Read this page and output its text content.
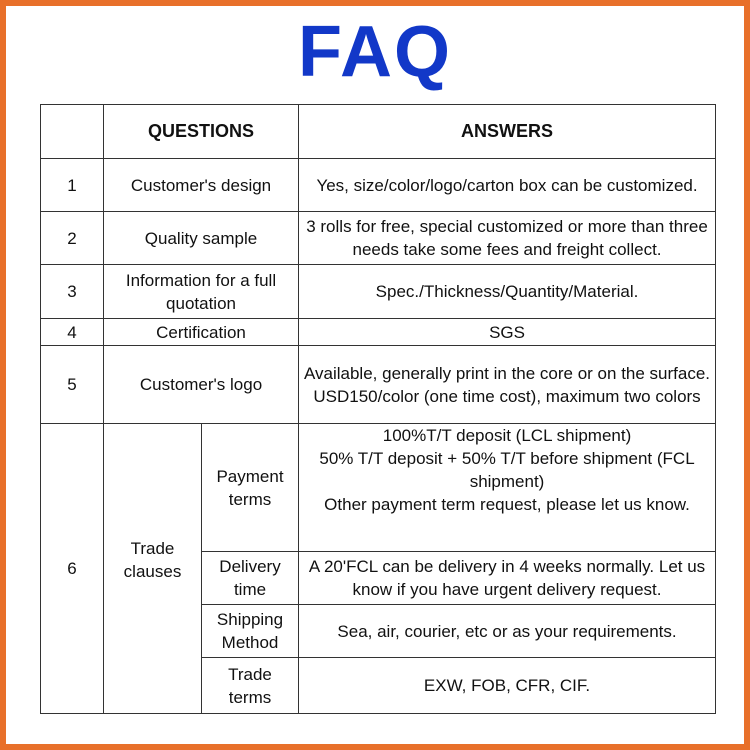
FAQ
	QUESTIONS		ANSWERS
1	Customer's design		Yes, size/color/logo/carton box can be customized.
2	Quality sample		3 rolls for free, special customized or more than three needs take some fees and freight collect.
3	Information for a full quotation		Spec./Thickness/Quantity/Material.
4	Certification		SGS
5	Customer's logo		Available, generally print in the core or on the surface. USD150/color (one time cost), maximum two colors
6	Trade clauses	Payment terms	100%T/T deposit (LCL shipment)
50% T/T deposit + 50% T/T before shipment (FCL shipment)
Other payment term request, please let us know.

		Delivery time	A 20'FCL can be delivery in 4 weeks normally. Let us know if you have urgent delivery request.
		Shipping Method	Sea, air, courier, etc or as your requirements.
		Trade terms	EXW, FOB, CFR, CIF.
